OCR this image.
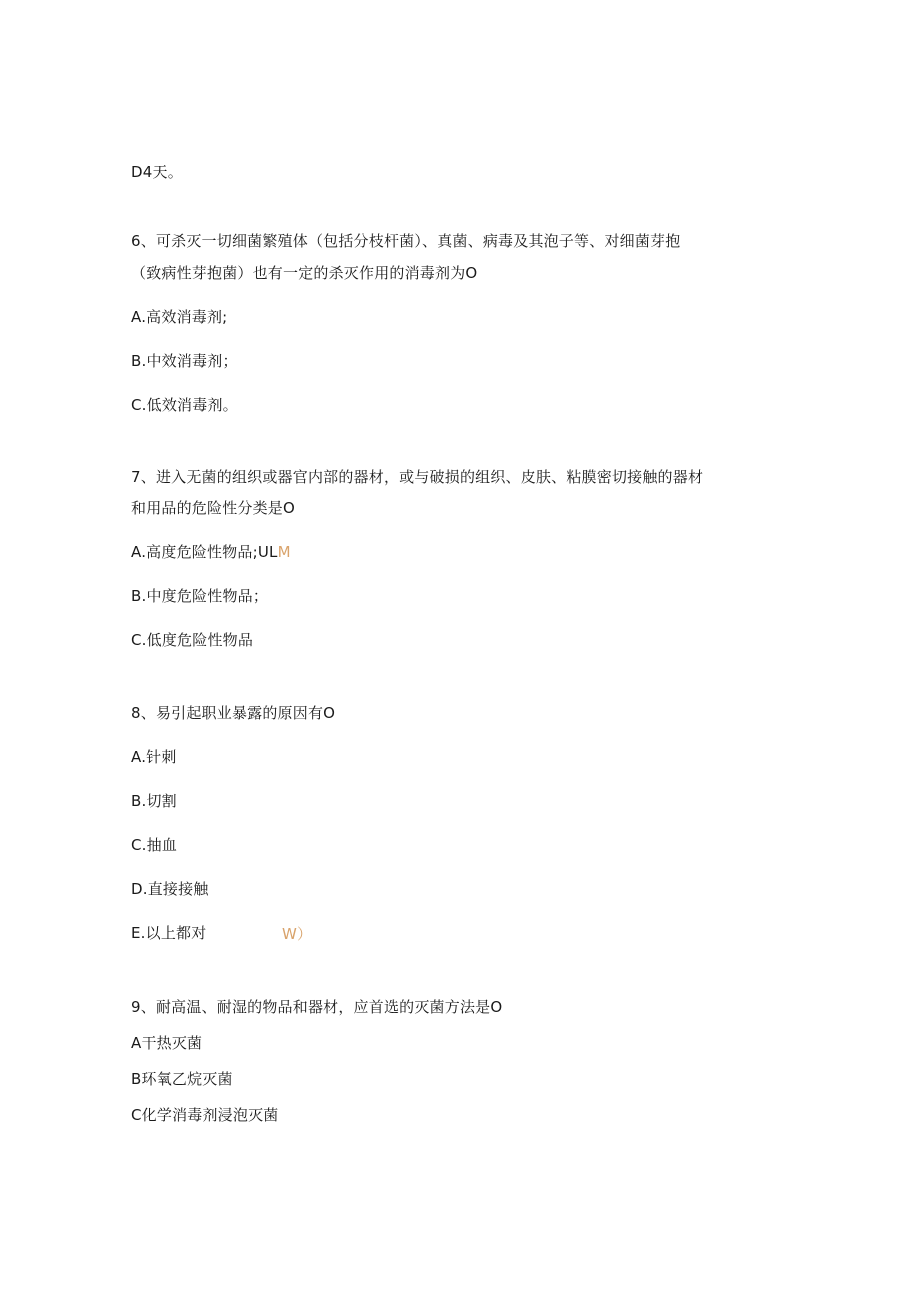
D4天。
6、可杀灭一切细菌繁殖体（包括分枝杆菌）、真菌、病毒及其泡子等、对细菌芽抱
（致病性芽抱菌）也有一定的杀灭作用的消毒剂为O
A.高效消毒剂;
B.中效消毒剂；
C.低效消毒剂。
7、进入无菌的组织或器官内部的器材，或与破损的组织、皮肤、粘膜密切接触的器材
和用品的危险性分类是O
A.高度危险性物品;ULM
B.中度危险性物品；
C.低度危险性物品
8、易引起职业暴露的原因有O
A.针刺
B.切割
C.抽血
D.直接接触
E.以上都对	W）
9、耐高温、耐湿的物品和器材，应首选的灭菌方法是O
A干热灭菌
B环氧乙烷灭菌
C化学消毒剂浸泡灭菌
